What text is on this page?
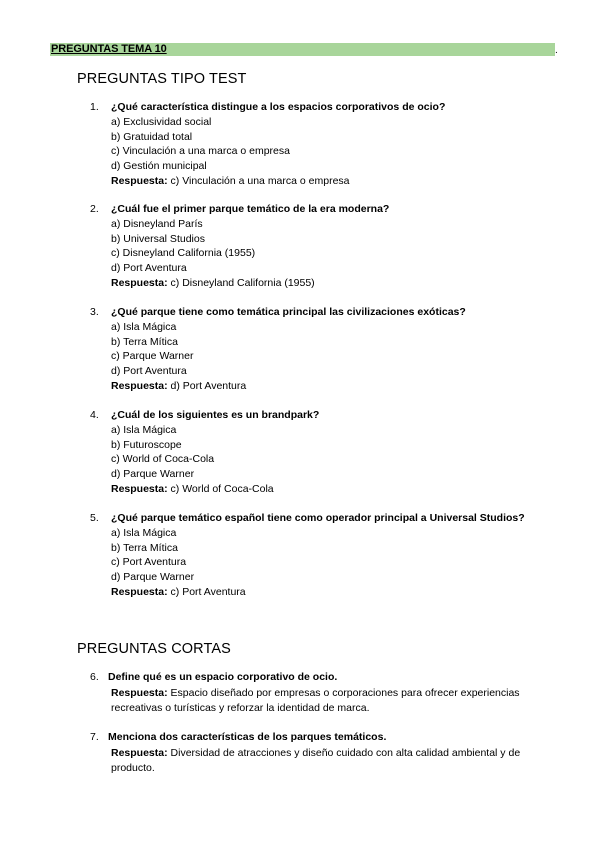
PREGUNTAS TEMA 10	.
PREGUNTAS TIPO TEST
1. ¿Qué característica distingue a los espacios corporativos de ocio?
a) Exclusividad social
b) Gratuidad total
c) Vinculación a una marca o empresa
d) Gestión municipal
Respuesta: c) Vinculación a una marca o empresa
2. ¿Cuál fue el primer parque temático de la era moderna?
a) Disneyland París
b) Universal Studios
c) Disneyland California (1955)
d) Port Aventura
Respuesta: c) Disneyland California (1955)
3. ¿Qué parque tiene como temática principal las civilizaciones exóticas?
a) Isla Mágica
b) Terra Mítica
c) Parque Warner
d) Port Aventura
Respuesta: d) Port Aventura
4. ¿Cuál de los siguientes es un brandpark?
a) Isla Mágica
b) Futuroscope
c) World of Coca-Cola
d) Parque Warner
Respuesta: c) World of Coca-Cola
5. ¿Qué parque temático español tiene como operador principal a Universal Studios?
a) Isla Mágica
b) Terra Mítica
c) Port Aventura
d) Parque Warner
Respuesta: c) Port Aventura
PREGUNTAS CORTAS
6. Define qué es un espacio corporativo de ocio.
Respuesta: Espacio diseñado por empresas o corporaciones para ofrecer experiencias recreativas o turísticas y reforzar la identidad de marca.
7. Menciona dos características de los parques temáticos.
Respuesta: Diversidad de atracciones y diseño cuidado con alta calidad ambiental y de producto.
